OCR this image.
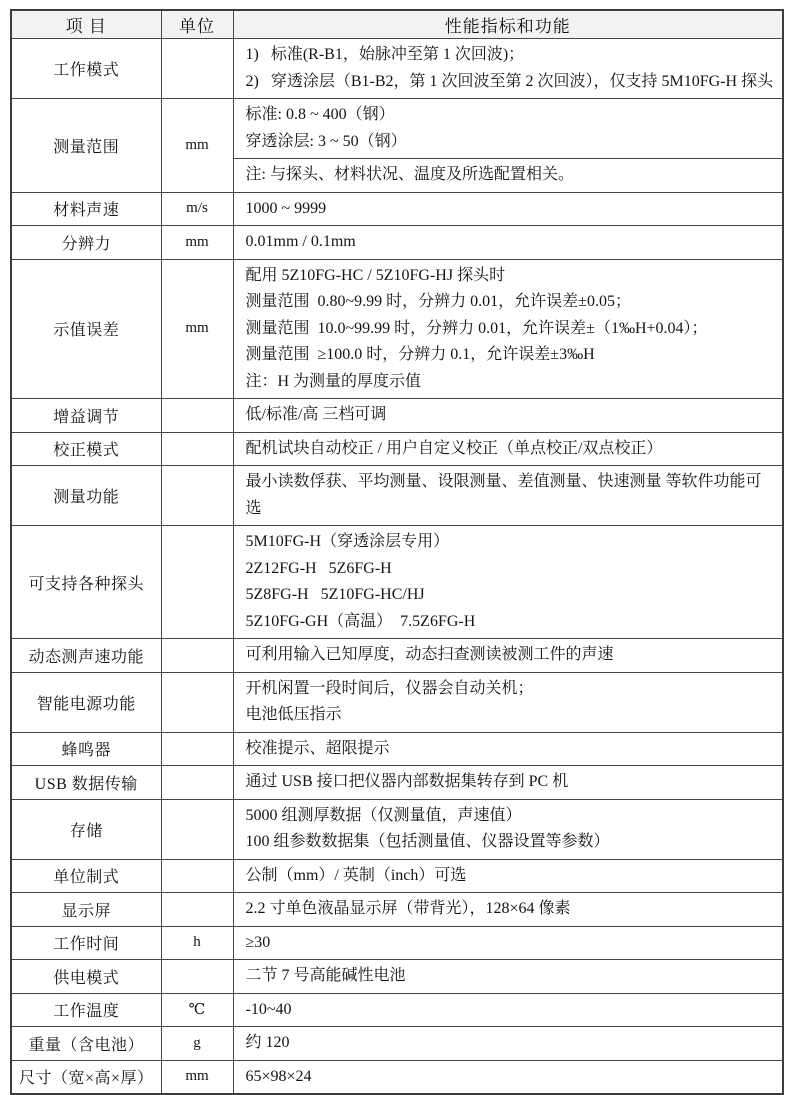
项 目	单位	性能指标和功能
工作模式		1)   标准(R-B1，始脉冲至第 1 次回波)；
2)   穿透涂层（B1-B2，第 1 次回波至第 2 次回波），仅支持 5M10FG-H 探头

测量范围	mm	标准: 0.8 ~ 400（钢）
穿透涂层: 3 ~ 50（钢）

		注: 与探头、材料状况、温度及所选配置相关。

材料声速	m/s	1000 ~ 9999

分辨力	mm	0.01mm / 0.1mm

示值误差	mm	配用 5Z10FG-HC / 5Z10FG-HJ 探头时
测量范围  0.80~9.99 时，分辨力 0.01，允许误差±0.05；
测量范围  10.0~99.99 时，分辨力 0.01，允许误差±（1‰H+0.04）；
测量范围  ≥100.0 时，分辨力 0.1，允许误差±3‰H
注：H 为测量的厚度示值

增益调节		低/标准/高 三档可调

校正模式		配机试块自动校正 / 用户自定义校正（单点校正/双点校正）

测量功能		最小读数俘获、平均测量、设限测量、差值测量、快速测量 等软件功能可选

可支持各种探头		5M10FG-H（穿透涂层专用）
2Z12FG-H   5Z6FG-H
5Z8FG-H   5Z10FG-HC/HJ
5Z10FG-GH（高温）  7.5Z6FG-H

动态测声速功能		可利用输入已知厚度，动态扫查测读被测工件的声速

智能电源功能		开机闲置一段时间后，仪器会自动关机；
电池低压指示

蜂鸣器		校准提示、超限提示

USB 数据传输		通过 USB 接口把仪器内部数据集转存到 PC 机

存储		5000 组测厚数据（仅测量值，声速值）
100 组参数数据集（包括测量值、仪器设置等参数）

单位制式		公制（mm）/ 英制（inch）可选

显示屏		2.2 寸单色液晶显示屏（带背光），128×64 像素

工作时间	h	≥30

供电模式		二节 7 号高能碱性电池

工作温度	℃	-10~40

重量（含电池）	g	约 120

尺寸（宽×高×厚）	mm	65×98×24
